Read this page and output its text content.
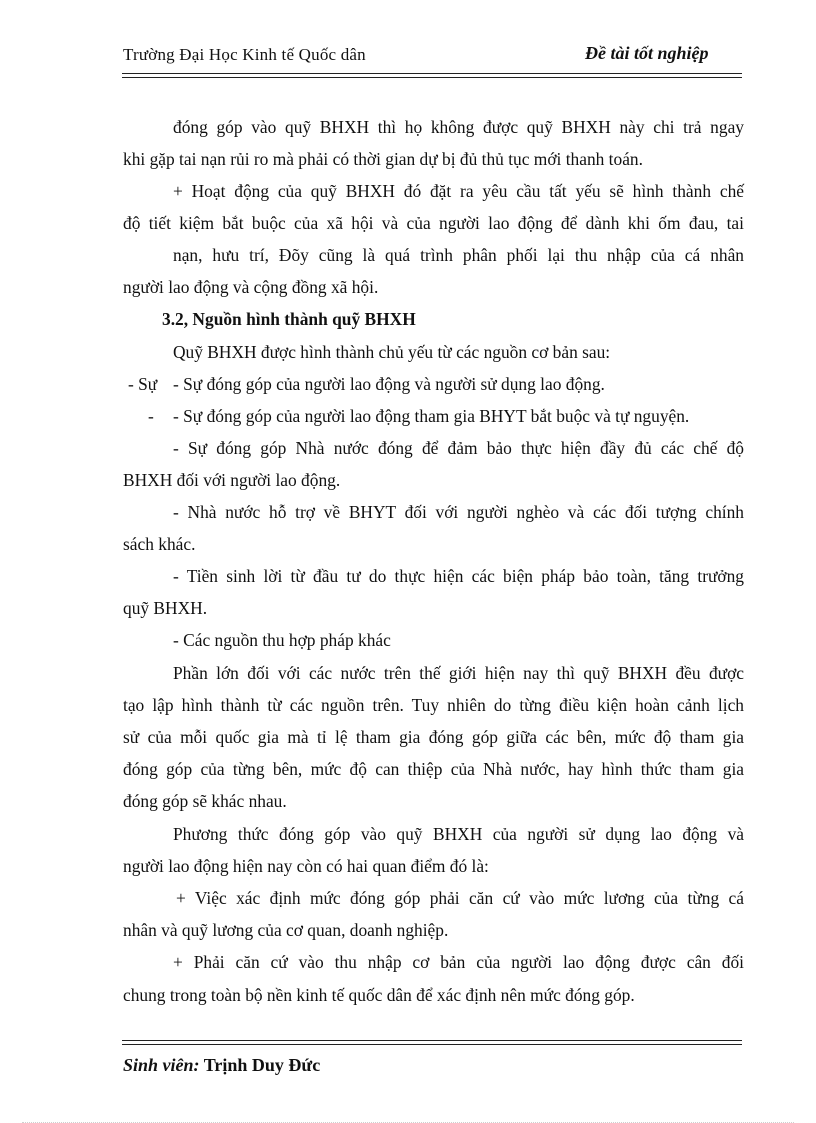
Trường Đại Học Kinh tế Quốc dân	Đề tài tốt nghiệp
đóng góp vào quỹ BHXH thì họ không được quỹ BHXH này chi trả ngay
khi gặp tai nạn rủi ro mà phải có thời gian dự bị đủ thủ tục mới thanh toán.
+ Hoạt động của quỹ BHXH đó đặt ra yêu cầu tất yếu sẽ hình thành chế
độ tiết kiệm bắt buộc của xã hội và của người lao động để dành khi ốm đau, tai
nạn, hưu trí, Đõy cũng là quá trình phân phối lại thu nhập của cá nhân
người lao động và cộng đồng xã hội.
3.2, Nguồn hình thành quỹ BHXH
Quỹ BHXH được hình thành chủ yếu từ các nguồn cơ bản sau:
- Sự - Sự đóng góp của người lao động và người sử dụng lao động.
- - Sự đóng góp của người lao động tham gia BHYT bắt buộc và tự nguyện.
- Sự đóng góp Nhà nước đóng để đảm bảo thực hiện đầy đủ các chế độ
BHXH đối với người lao động.
- Nhà nước hỗ trợ về BHYT đối với người nghèo và các đối tượng chính
sách khác.
- Tiền sinh lời từ đầu tư do thực hiện các biện pháp bảo toàn, tăng trưởng
quỹ BHXH.
- Các nguồn thu hợp pháp khác
Phần lớn đối với các nước trên thế giới hiện nay thì quỹ BHXH đều được
tạo lập hình thành từ các nguồn trên. Tuy nhiên do từng điều kiện hoàn cảnh lịch
sử của mỗi quốc gia mà tỉ lệ tham gia đóng góp giữa các bên, mức độ tham gia
đóng góp của từng bên, mức độ can thiệp của Nhà nước, hay hình thức tham gia
đóng góp sẽ khác nhau.
Phương thức đóng góp vào quỹ BHXH của người sử dụng lao động và
người lao động hiện nay còn có hai quan điểm đó là:
+ Việc xác định mức đóng góp phải căn cứ vào mức lương của từng cá
nhân và quỹ lương của cơ quan, doanh nghiệp.
+ Phải căn cứ vào thu nhập cơ bản của người lao động được cân đối
chung trong toàn bộ nền kinh tế quốc dân để xác định nên mức đóng góp.
Sinh viên: Trịnh Duy Đức
